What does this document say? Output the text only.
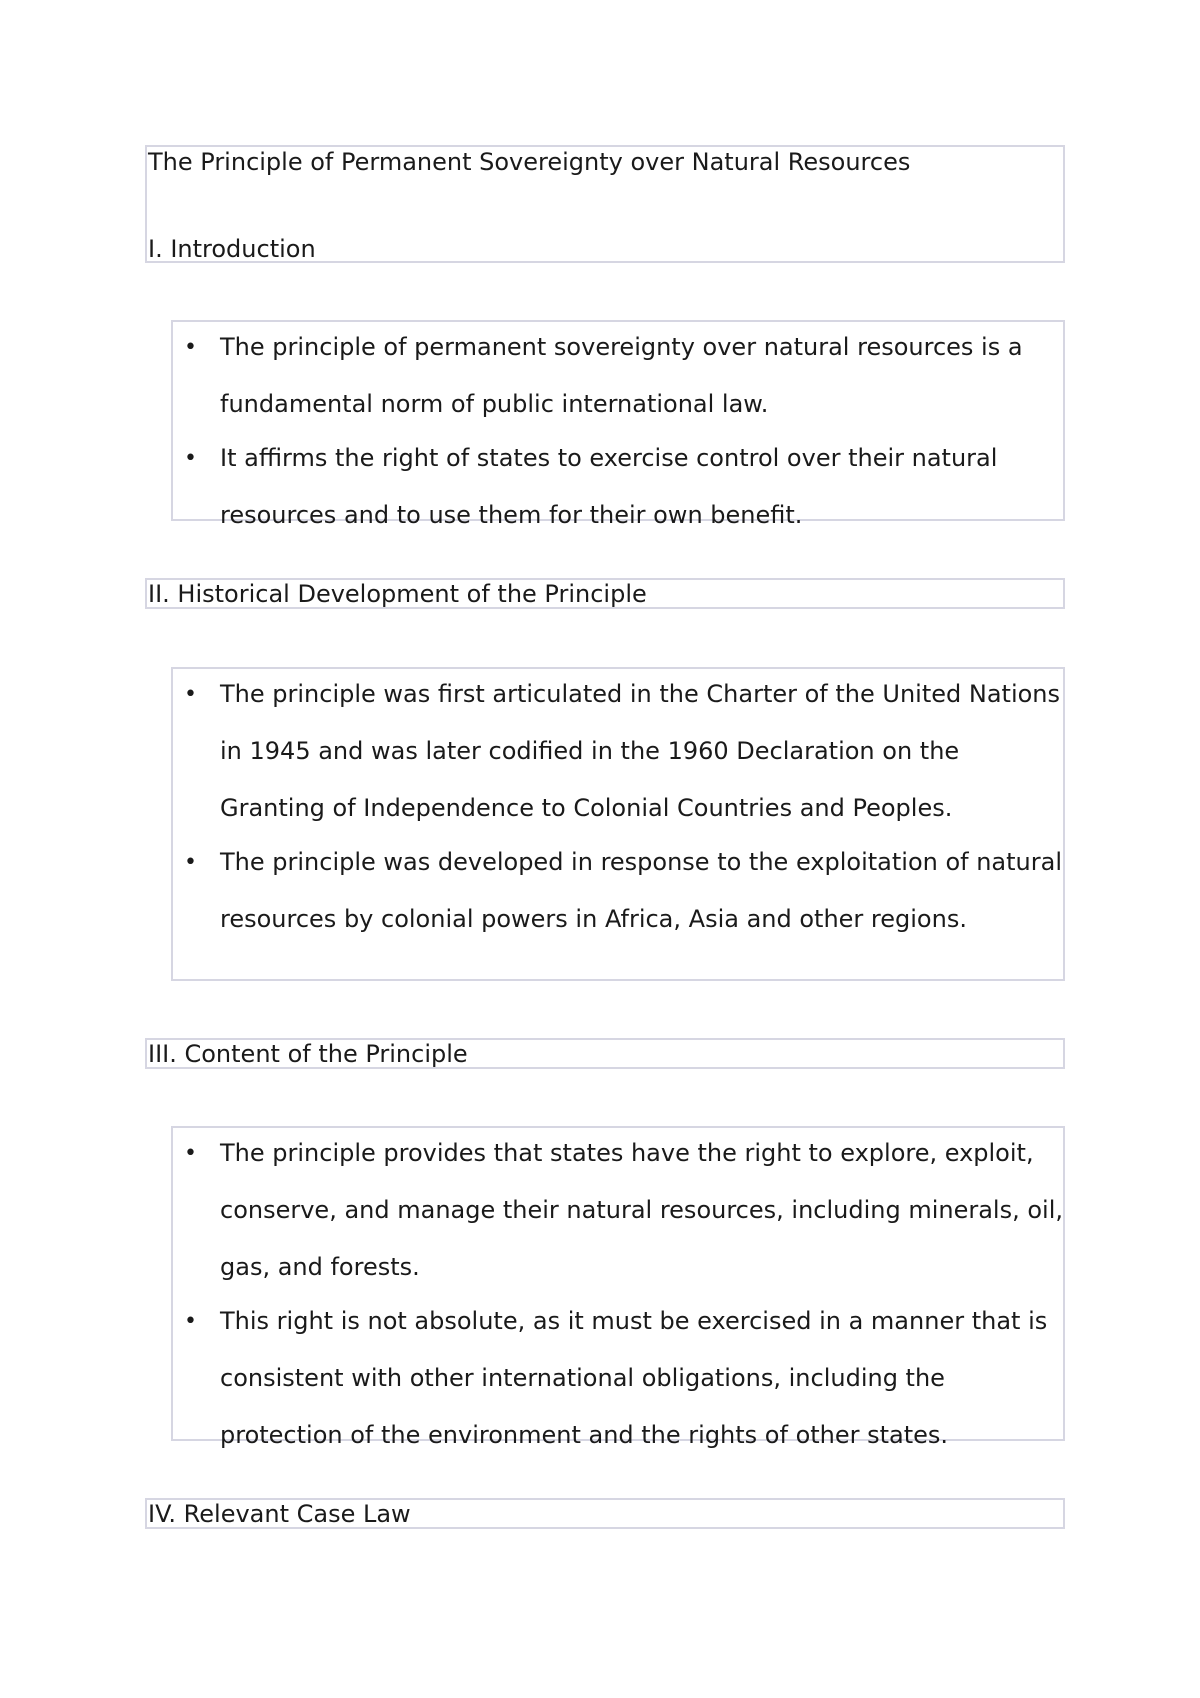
The Principle of Permanent Sovereignty over Natural Resources
I. Introduction
• The principle of permanent sovereignty over natural resources is a fundamental norm of public international law.
• It affirms the right of states to exercise control over their natural resources and to use them for their own benefit.
II. Historical Development of the Principle
• The principle was first articulated in the Charter of the United Nations in 1945 and was later codified in the 1960 Declaration on the Granting of Independence to Colonial Countries and Peoples.
• The principle was developed in response to the exploitation of natural resources by colonial powers in Africa, Asia and other regions.
III. Content of the Principle
• The principle provides that states have the right to explore, exploit, conserve, and manage their natural resources, including minerals, oil, gas, and forests.
• This right is not absolute, as it must be exercised in a manner that is consistent with other international obligations, including the protection of the environment and the rights of other states.
IV. Relevant Case Law
